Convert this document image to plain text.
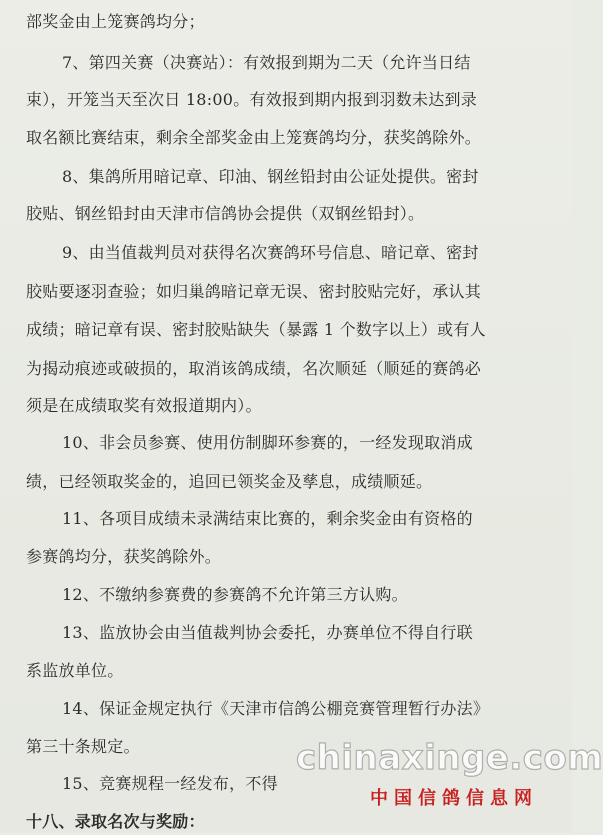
部奖金由上笼赛鸽均分；
7、第四关赛（决赛站）：有效报到期为二天（允许当日结
束），开笼当天至次日 18:00。有效报到期内报到羽数未达到录
取名额比赛结束，剩余全部奖金由上笼赛鸽均分，获奖鸽除外。
8、集鸽所用暗记章、印油、钢丝铅封由公证处提供。密封
胶贴、钢丝铅封由天津市信鸽协会提供（双钢丝铅封）。
9、由当值裁判员对获得名次赛鸽环号信息、暗记章、密封
胶贴要逐羽查验；如归巢鸽暗记章无误、密封胶贴完好，承认其
成绩；暗记章有误、密封胶贴缺失（暴露 1 个数字以上）或有人
为揭动痕迹或破损的，取消该鸽成绩，名次顺延（顺延的赛鸽必
须是在成绩取奖有效报道期内）。
10、非会员参赛、使用仿制脚环参赛的，一经发现取消成
绩，已经领取奖金的，追回已领奖金及孳息，成绩顺延。
11、各项目成绩未录满结束比赛的，剩余奖金由有资格的
参赛鸽均分，获奖鸽除外。
12、不缴纳参赛费的参赛鸽不允许第三方认购。
13、监放协会由当值裁判协会委托，办赛单位不得自行联
系监放单位。
14、保证金规定执行《天津市信鸽公棚竞赛管理暂行办法》
第三十条规定。
15、竞赛规程一经发布，不得
十八、录取名次与奖励：
chinaxinge.com
中国信鸽信息网
